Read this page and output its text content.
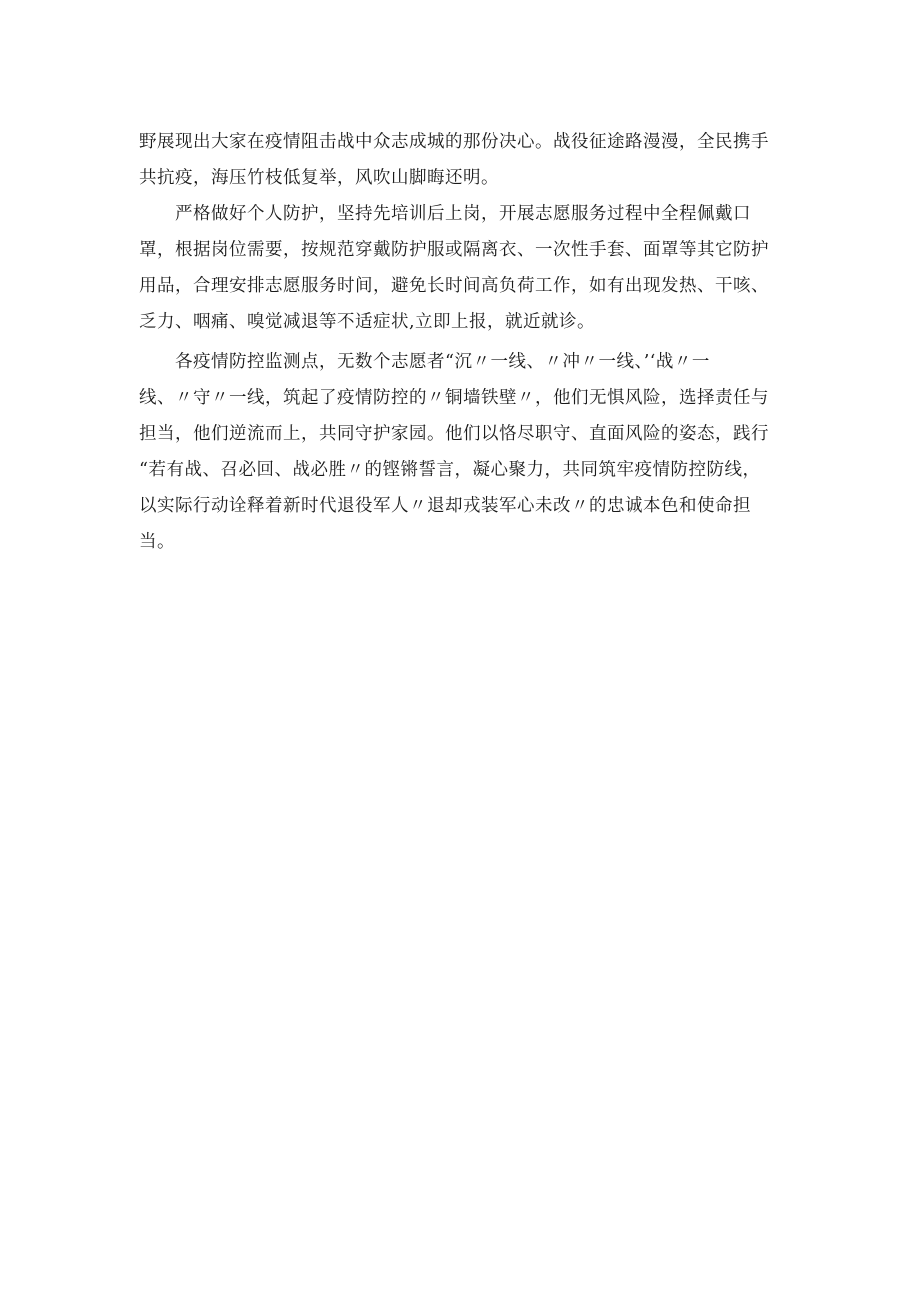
野展现出大家在疫情阻击战中众志成城的那份决心。战役征途路漫漫，全民携手
共抗疫，海压竹枝低复举，风吹山脚晦还明。
严格做好个人防护，坚持先培训后上岗，开展志愿服务过程中全程佩戴口
罩，根据岗位需要，按规范穿戴防护服或隔离衣、一次性手套、面罩等其它防护
用品，合理安排志愿服务时间，避免长时间高负荷工作，如有出现发热、干咳、
乏力、咽痛、嗅觉减退等不适症状,立即上报，就近就诊。
各疫情防控监测点，无数个志愿者“沉〃一线、〃冲〃一线、’‘战〃一
线、〃守〃一线，筑起了疫情防控的〃铜墙铁壁〃，他们无惧风险，选择责任与
担当，他们逆流而上，共同守护家园。他们以恪尽职守、直面风险的姿态，践行
“若有战、召必回、战必胜〃的铿锵誓言，凝心聚力，共同筑牢疫情防控防线，
以实际行动诠释着新时代退役军人〃退却戎装军心未改〃的忠诚本色和使命担
当。
